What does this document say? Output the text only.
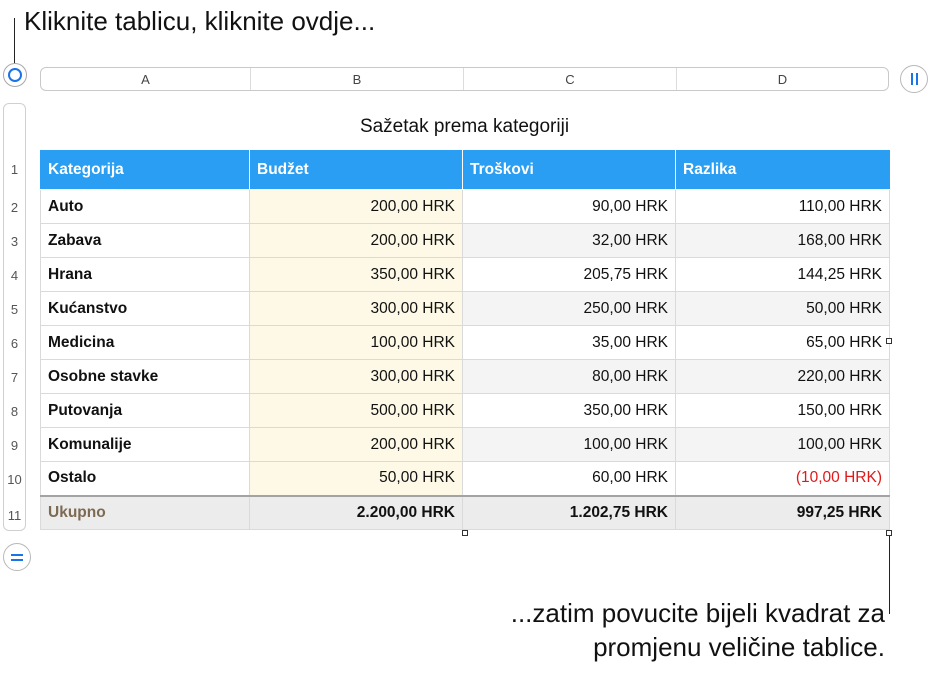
Kliknite tablicu, kliknite ovdje...
A	B	C	D
1
2
3
4
5
6
7
8
9
10
11
Sažetak prema kategoriji
Kategorija	Budžet	Troškovi	Razlika
Auto	200,00 HRK	90,00 HRK	110,00 HRK
Zabava	200,00 HRK	32,00 HRK	168,00 HRK
Hrana	350,00 HRK	205,75 HRK	144,25 HRK
Kućanstvo	300,00 HRK	250,00 HRK	50,00 HRK
Medicina	100,00 HRK	35,00 HRK	65,00 HRK
Osobne stavke	300,00 HRK	80,00 HRK	220,00 HRK
Putovanja	500,00 HRK	350,00 HRK	150,00 HRK
Komunalije	200,00 HRK	100,00 HRK	100,00 HRK
Ostalo	50,00 HRK	60,00 HRK	(10,00 HRK)
Ukupno	2.200,00 HRK	1.202,75 HRK	997,25 HRK
...zatim povucite bijeli kvadrat za
promjenu veličine tablice.
